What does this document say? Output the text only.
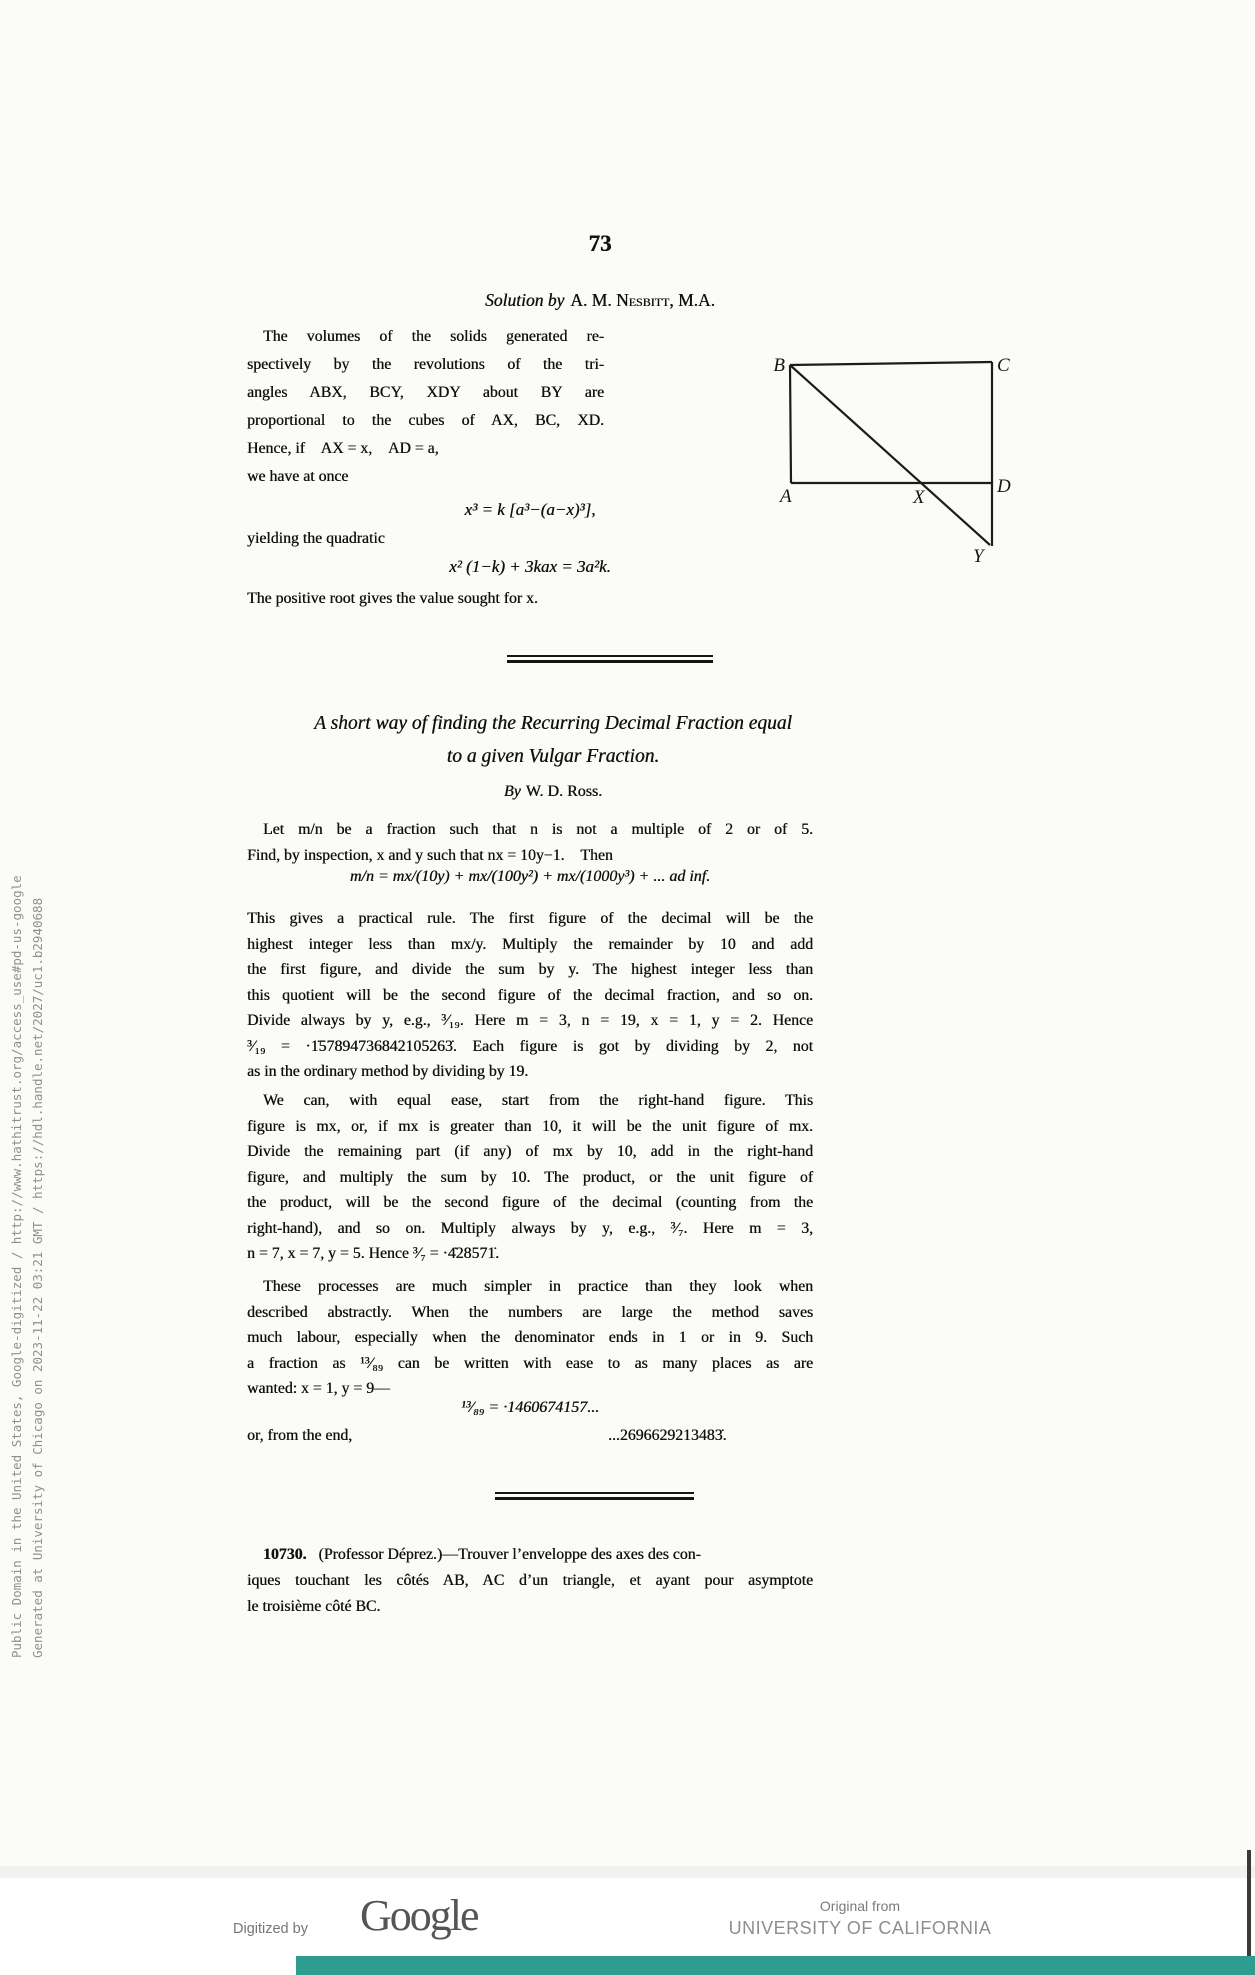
73
Solution by A. M. Nesbitt, M.A.
The volumes of the solids generated re-
spectively by the revolutions of the tri-
angles ABX, BCY, XDY about BY are
proportional to the cubes of AX, BC, XD.
Hence, if AX = x, AD = a,
we have at once
x³ = k [a³−(a−x)³],
yielding the quadratic
x² (1−k) + 3kax = 3a²k.
The positive root gives the value sought for x.
B	C
A	X
D
Y
A short way of finding the Recurring Decimal Fraction equal
to a given Vulgar Fraction.
By W. D. Ross.
Let m/n be a fraction such that n is not a multiple of 2 or of 5.
Find, by inspection, x and y such that nx = 10y−1. Then
m/n = mx/(10y) + mx/(100y²) + mx/(1000y³) + ... ad inf.
This gives a practical rule. The first figure of the decimal will be the
highest integer less than mx/y. Multiply the remainder by 10 and add
the first figure, and divide the sum by y. The highest integer less than
this quotient will be the second figure of the decimal fraction, and so on.
Divide always by y, e.g., ³⁄₁₉. Here m = 3, n = 19, x = 1, y = 2. Hence
³⁄₁₉ = ·1̇57894736842105263̇. Each figure is got by dividing by 2, not
as in the ordinary method by dividing by 19.
We can, with equal ease, start from the right-hand figure. This
figure is mx, or, if mx is greater than 10, it will be the unit figure of mx.
Divide the remaining part (if any) of mx by 10, add in the right-hand
figure, and multiply the sum by 10. The product, or the unit figure of
the product, will be the second figure of the decimal (counting from the
right-hand), and so on. Multiply always by y, e.g., ³⁄₇. Here m = 3,
n = 7, x = 7, y = 5. Hence ³⁄₇ = ·4̇28571̇.
These processes are much simpler in practice than they look when
described abstractly. When the numbers are large the method saves
much labour, especially when the denominator ends in 1 or in 9. Such
a fraction as ¹³⁄₈₉ can be written with ease to as many places as are
wanted: x = 1, y = 9—
¹³⁄₈₉ = ·1460674157...
or, from the end,	...2696629213483̇.
10730. (Professor Déprez.)—Trouver l’enveloppe des axes des con-
iques touchant les côtés AB, AC d’un triangle, et ayant pour asymptote
le troisième côté BC.
Public Domain in the United States, Google-digitized / http://www.hathitrust.org/access_use#pd-us-google Generated at University of Chicago on 2023-11-22 03:21 GMT / https://hdl.handle.net/2027/uc1.b2940688
Digitized by Google	Original from
UNIVERSITY OF CALIFORNIA
